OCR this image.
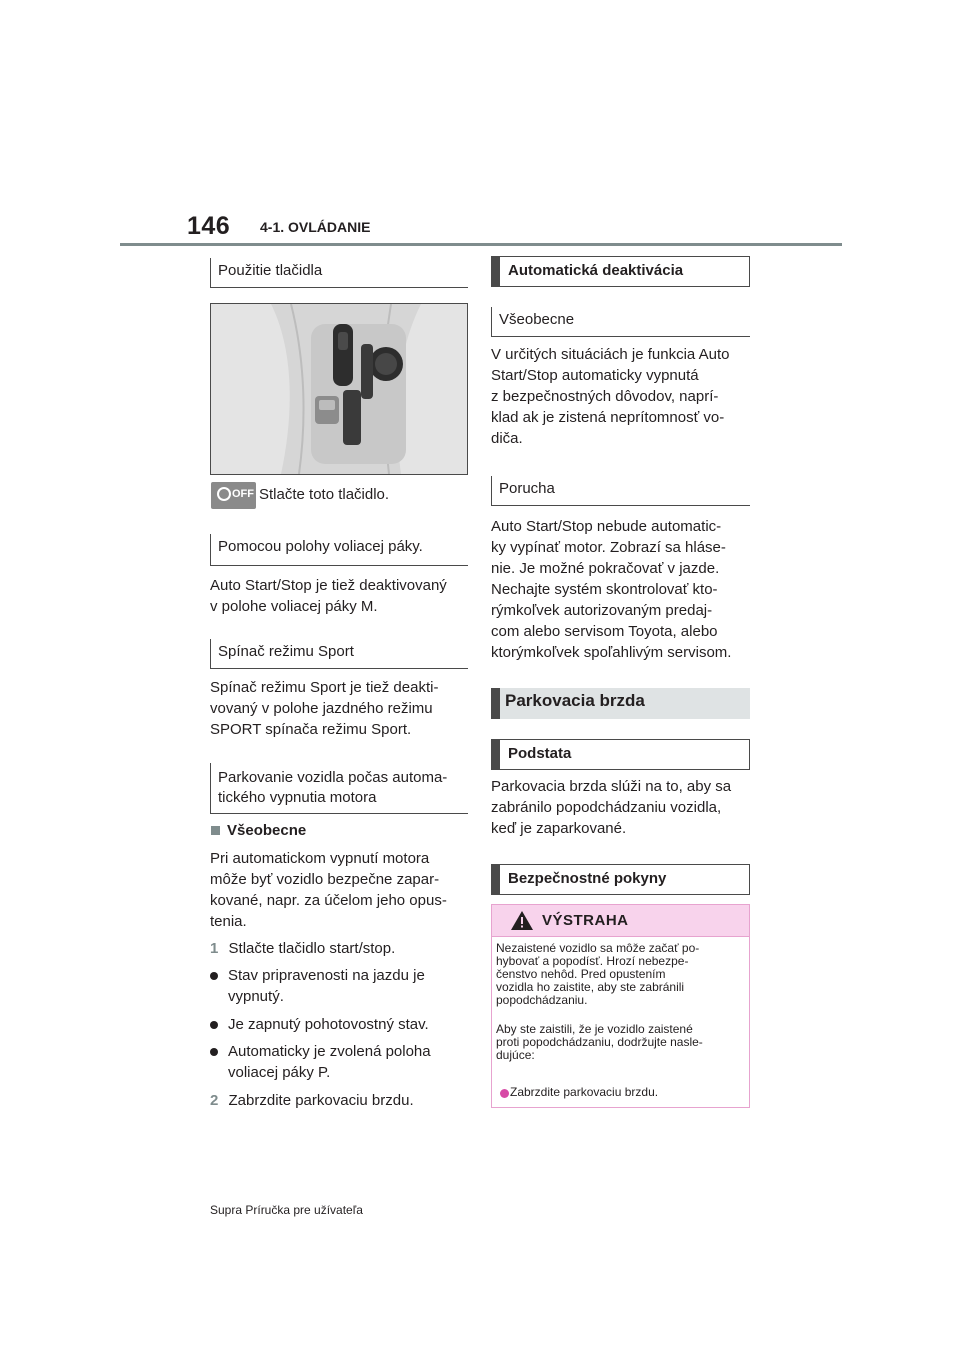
146 4-1. OVLÁDANIE
Použitie tlačidla
OFF Stlačte toto tlačidlo.
Pomocou polohy voliacej páky.
Auto Start/Stop je tiež deaktivovaný
v polohe voliacej páky M.
Spínač režimu Sport
Spínač režimu Sport je tiež deakti-
vovaný v polohe jazdného režimu
SPORT spínača režimu Sport.
Parkovanie vozidla počas automa-
tického vypnutia motora
Všeobecne
Pri automatickom vypnutí motora
môže byť vozidlo bezpečne zapar-
kované, napr. za účelom jeho opus-
tenia.
1 Stlačte tlačidlo start/stop.
Stav pripravenosti na jazdu je
vypnutý.
Je zapnutý pohotovostný stav.
Automaticky je zvolená poloha
voliacej páky P.
2 Zabrzdite parkovaciu brzdu.
Automatická deaktivácia
Všeobecne
V určitých situáciách je funkcia Auto
Start/Stop automaticky vypnutá
z bezpečnostných dôvodov, naprí-
klad ak je zistená neprítomnosť vo-
diča.
Porucha
Auto Start/Stop nebude automatic-
ky vypínať motor. Zobrazí sa hláse-
nie. Je možné pokračovať v jazde.
Nechajte systém skontrolovať kto-
rýmkoľvek autorizovaným predaj-
com alebo servisom Toyota, alebo
ktorýmkoľvek spoľahlivým servisom.
Parkovacia brzda
Podstata
Parkovacia brzda slúži na to, aby sa
zabránilo popodchádzaniu vozidla,
keď je zaparkované.
Bezpečnostné pokyny
VÝSTRAHA
Nezaistené vozidlo sa môže začať po-
hybovať a popodísť. Hrozí nebezpe-
čenstvo nehôd. Pred opustením
vozidla ho zaistite, aby ste zabránili
popodchádzaniu.
Aby ste zaistili, že je vozidlo zaistené
proti popodchádzaniu, dodržujte nasle-
dujúce:
Zabrzdite parkovaciu brzdu.
Supra Príručka pre užívateľa
